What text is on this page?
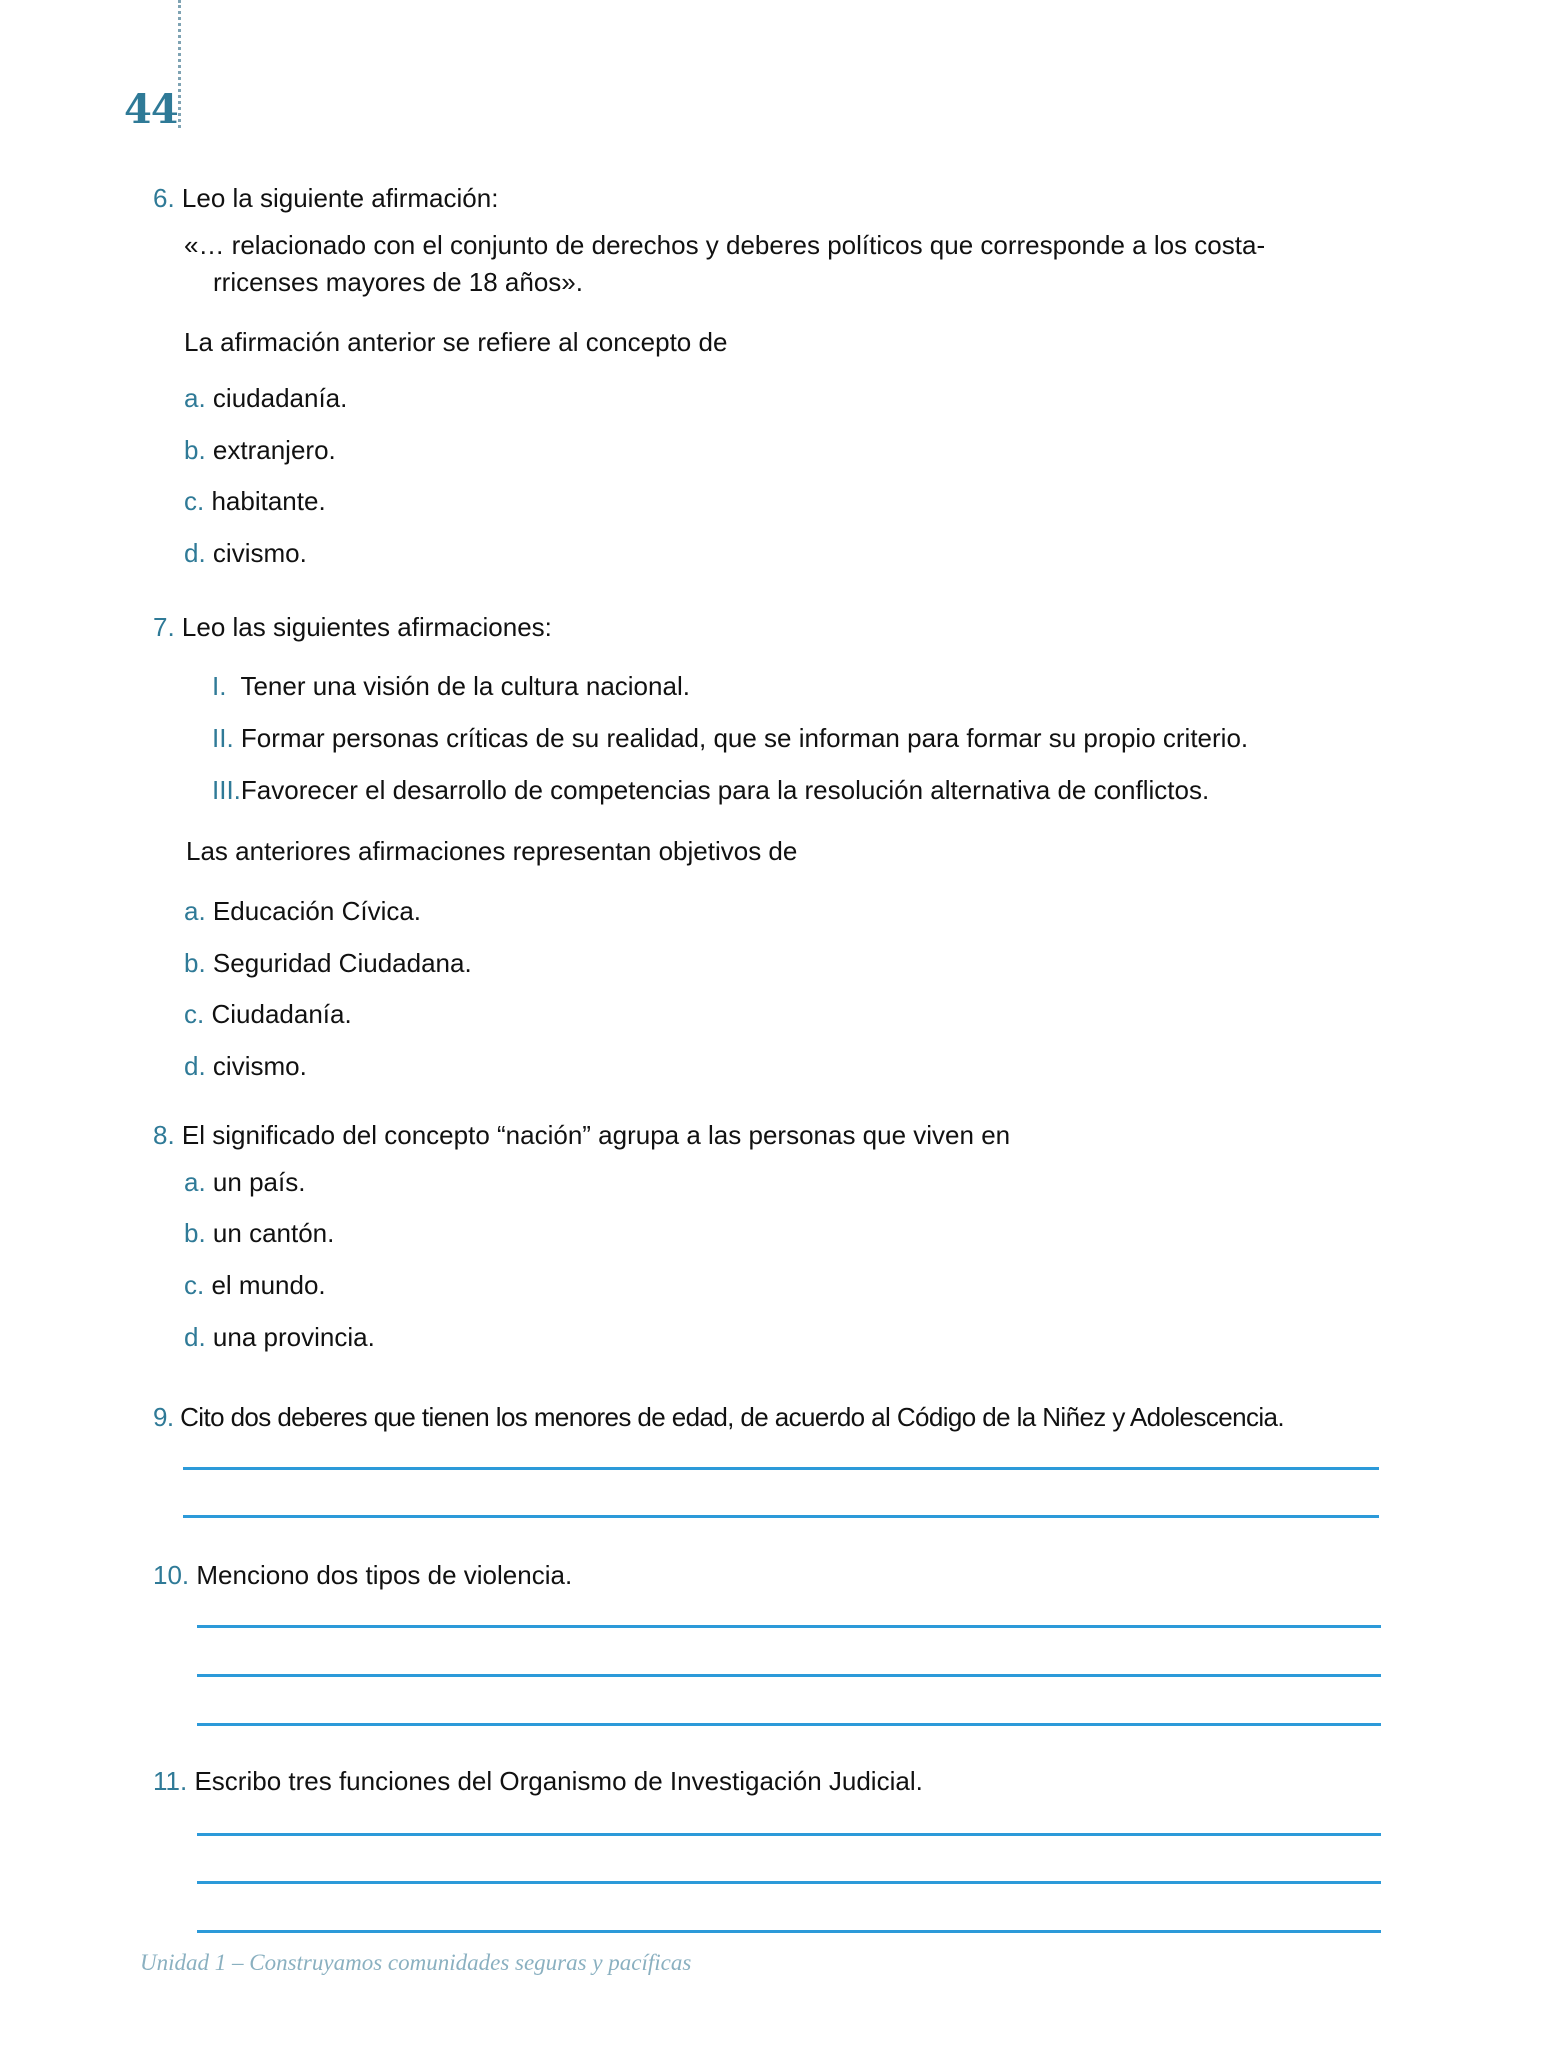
44
6. Leo la siguiente afirmación:
«… relacionado con el conjunto de derechos y deberes políticos que corresponde a los costa-
rricenses mayores de 18 años».
La afirmación anterior se refiere al concepto de
a. ciudadanía.
b. extranjero.
c. habitante.
d. civismo.
7. Leo las siguientes afirmaciones:
I. Tener una visión de la cultura nacional.
II. Formar personas críticas de su realidad, que se informan para formar su propio criterio.
III.Favorecer el desarrollo de competencias para la resolución alternativa de conflictos.
Las anteriores afirmaciones representan objetivos de
a. Educación Cívica.
b. Seguridad Ciudadana.
c. Ciudadanía.
d. civismo.
8. El significado del concepto “nación” agrupa a las personas que viven en
a. un país.
b. un cantón.
c. el mundo.
d. una provincia.
9. Cito dos deberes que tienen los menores de edad, de acuerdo al Código de la Niñez y Adolescencia.
10. Menciono dos tipos de violencia.
11. Escribo tres funciones del Organismo de Investigación Judicial.
Unidad 1 – Construyamos comunidades seguras y pacíficas
